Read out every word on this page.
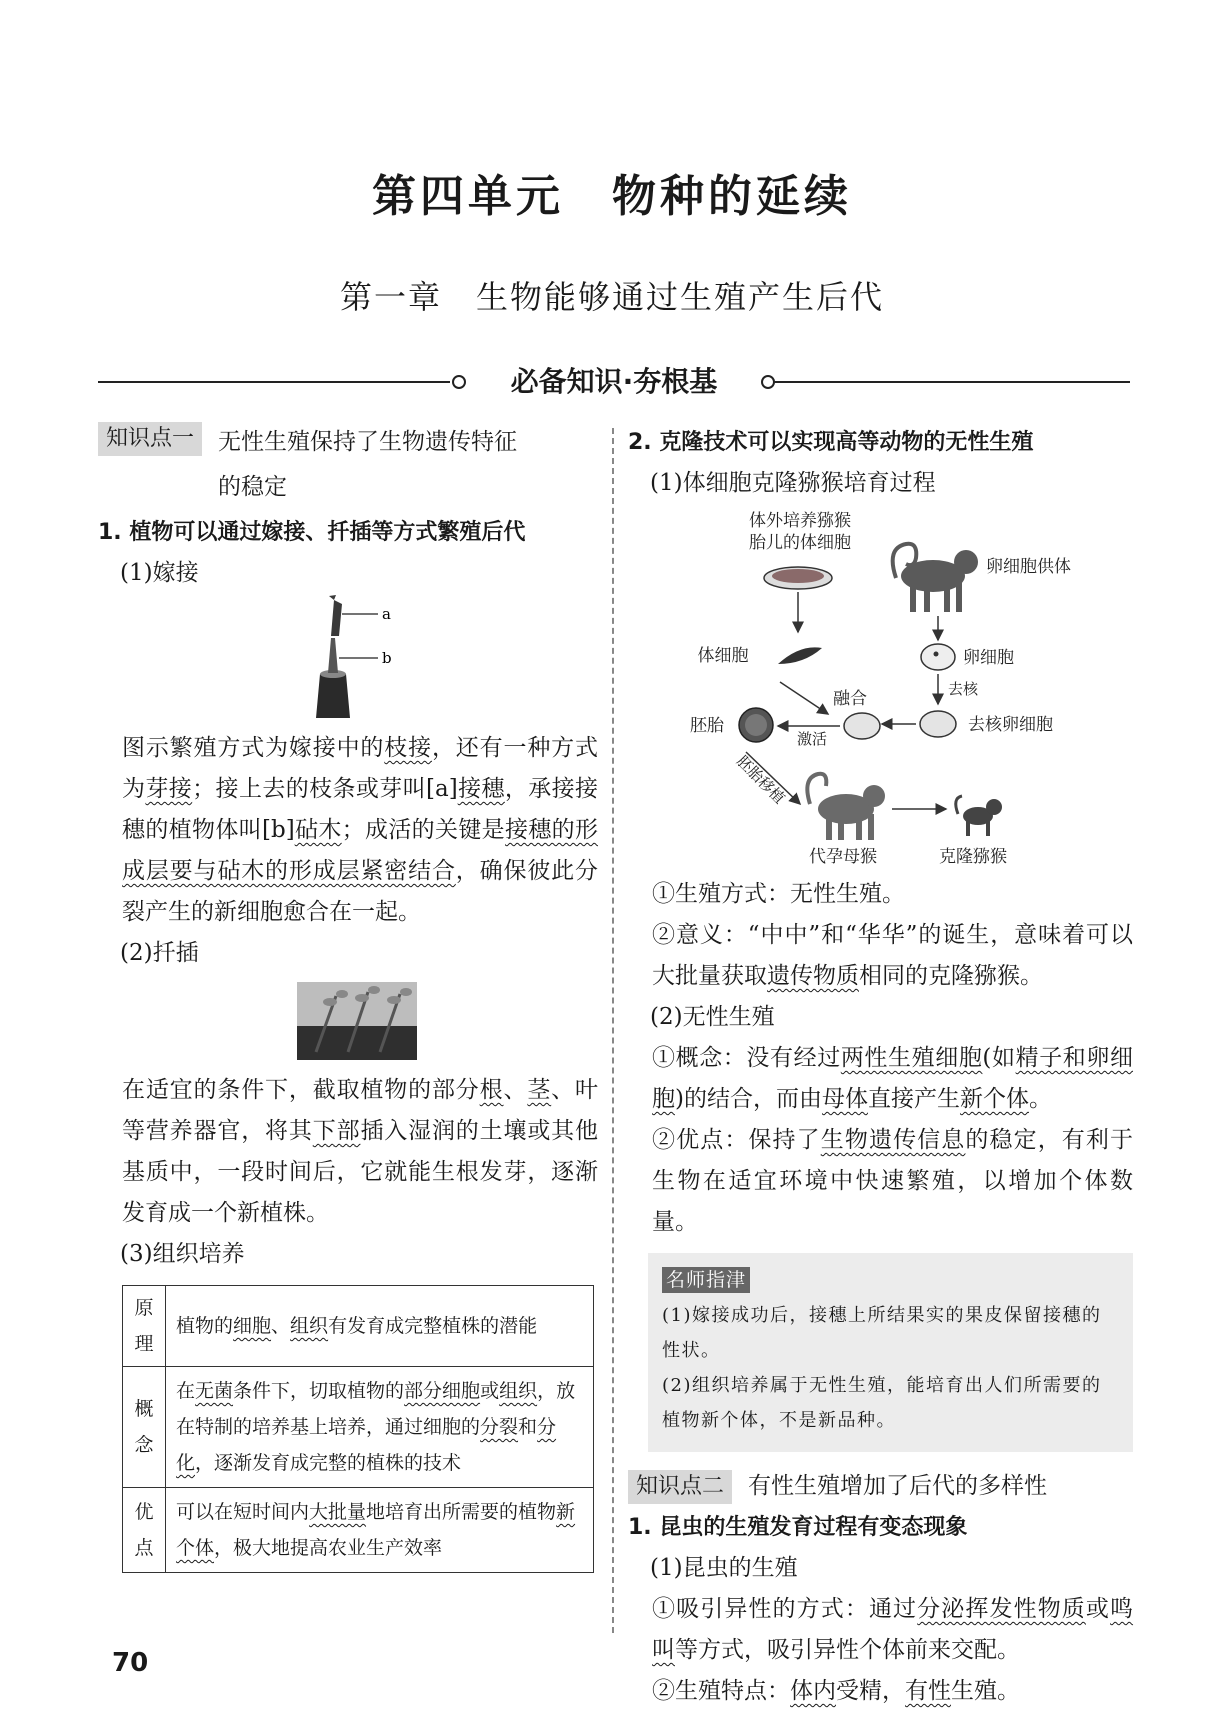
第四单元　物种的延续
第一章　生物能够通过生殖产生后代
必备知识·夯根基
知识点一	无性生殖保持了生物遗传特征
的稳定
1. 植物可以通过嫁接、扦插等方式繁殖后代
(1)嫁接
a
b
图示繁殖方式为嫁接中的枝接，还有一种方式为芽接；接上去的枝条或芽叫[a]接穗，承接接穗的植物体叫[b]砧木；成活的关键是接穗的形成层要与砧木的形成层紧密结合，确保彼此分裂产生的新细胞愈合在一起。
(2)扦插
在适宜的条件下，截取植物的部分根、茎、叶等营养器官，将其下部插入湿润的土壤或其他基质中，一段时间后，它就能生根发芽，逐渐发育成一个新植株。
(3)组织培养
原理	植物的细胞、组织有发育成完整植株的潜能
概念	在无菌条件下，切取植物的部分细胞或组织，放在特制的培养基上培养，通过细胞的分裂和分化，逐渐发育成完整的植株的技术
优点	可以在短时间内大批量地培育出所需要的植物新个体，极大地提高农业生产效率
2. 克隆技术可以实现高等动物的无性生殖
(1)体细胞克隆猕猴培育过程
体外培养猕猴
胎儿的体细胞
体细胞
卵细胞供体
卵细胞
去核
去核卵细胞
融合
激活
胚胎
胚胎移植
代孕母猴	克隆猕猴
①生殖方式：无性生殖。
②意义：“中中”和“华华”的诞生，意味着可以大批量获取遗传物质相同的克隆猕猴。
(2)无性生殖
①概念：没有经过两性生殖细胞(如精子和卵细胞)的结合，而由母体直接产生新个体。
②优点：保持了生物遗传信息的稳定，有利于生物在适宜环境中快速繁殖，以增加个体数量。
名师指津
(1)嫁接成功后，接穗上所结果实的果皮保留接穗的性状。
(2)组织培养属于无性生殖，能培育出人们所需要的植物新个体，不是新品种。
知识点二	有性生殖增加了后代的多样性
1. 昆虫的生殖发育过程有变态现象
(1)昆虫的生殖
①吸引异性的方式：通过分泌挥发性物质或鸣叫等方式，吸引异性个体前来交配。
②生殖特点：体内受精，有性生殖。
70
